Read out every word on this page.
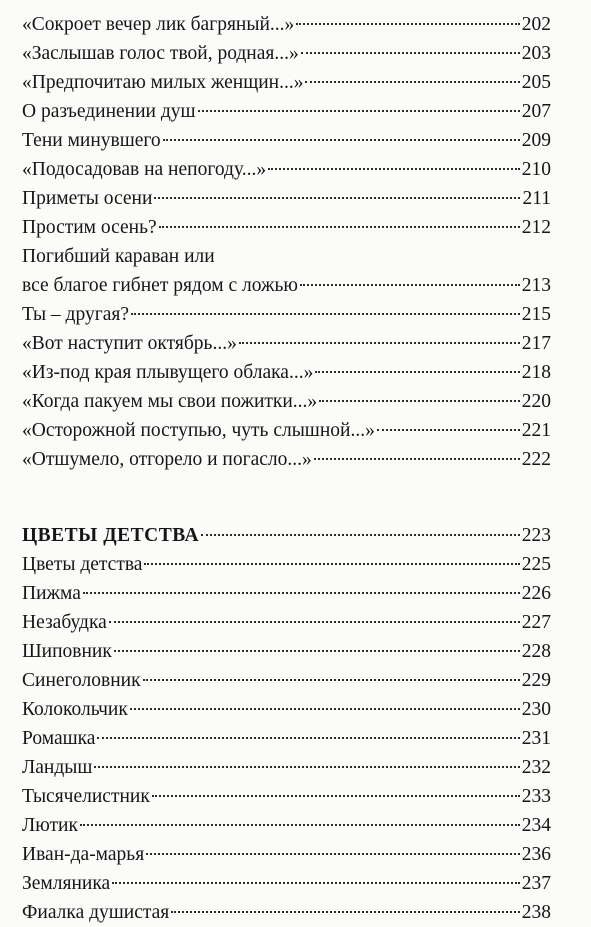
«Сокроет вечер лик багряный...»	202
«Заслышав голос твой, родная...»	203
«Предпочитаю милых женщин...»	205
О разъединении душ	207
Тени минувшего	209
«Подосадовав на непогоду...»	210
Приметы осени	211
Простим осень?	212
Погибший караван или
все благое гибнет рядом с ложью	213
Ты – другая?	215
«Вот наступит октябрь...»	217
«Из-под края плывущего облака...»	218
«Когда пакуем мы свои пожитки...»	220
«Осторожной поступью, чуть слышной...»	221
«Отшумело, отгорело и погасло...»	222
ЦВЕТЫ ДЕТСТВА	223
Цветы детства	225
Пижма	226
Незабудка	227
Шиповник	228
Синеголовник	229
Колокольчик	230
Ромашка	231
Ландыш	232
Тысячелистник	233
Лютик	234
Иван-да-марья	236
Земляника	237
Фиалка душистая	238
